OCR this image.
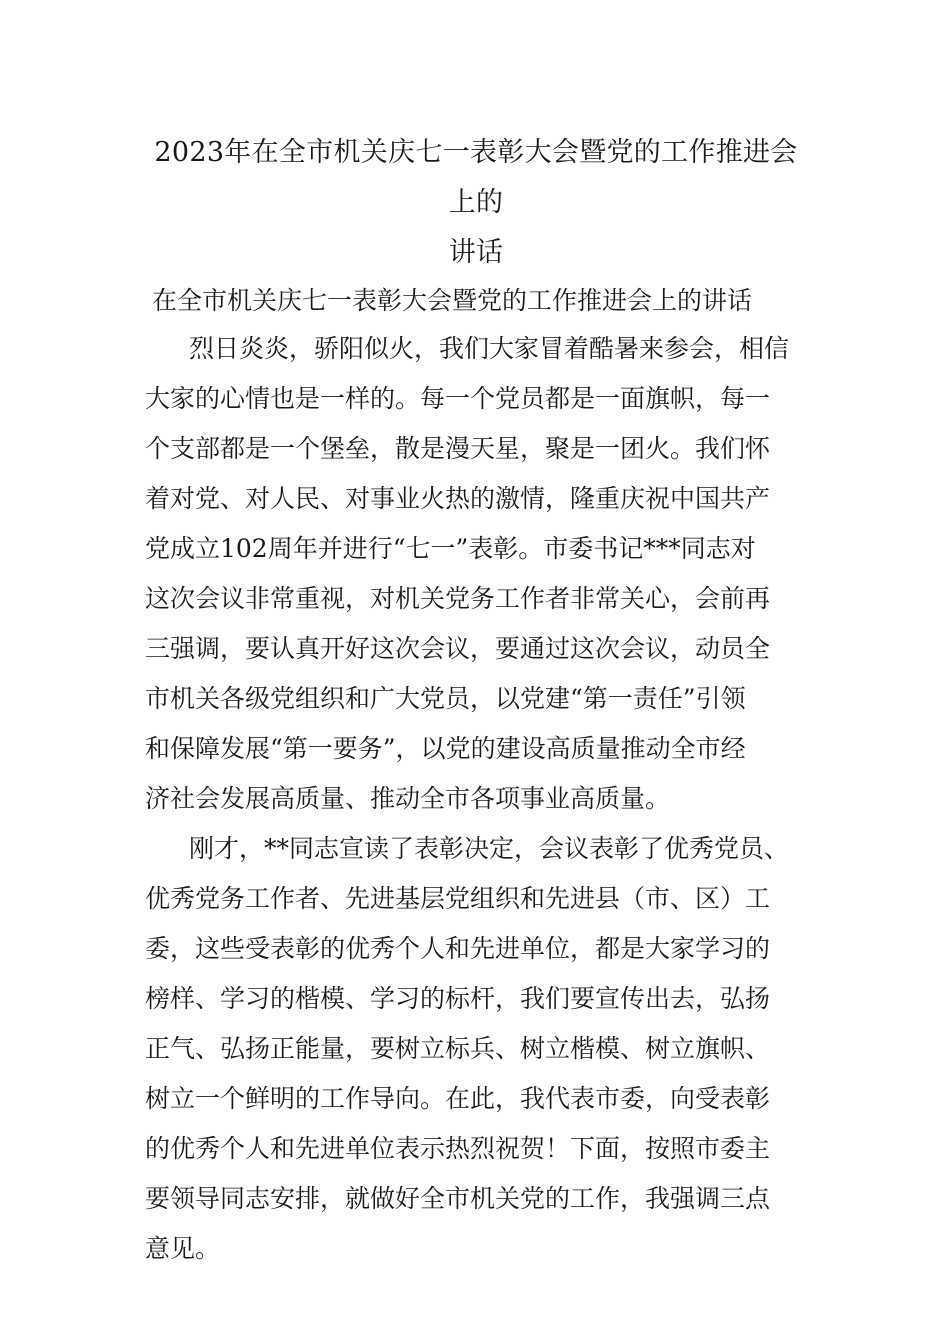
2023年在全市机关庆七一表彰大会暨党的工作推进会上的
讲话

在全市机关庆七一表彰大会暨党的工作推进会上的讲话

烈日炎炎，骄阳似火，我们大家冒着酷暑来参会，相信
大家的心情也是一样的。每一个党员都是一面旗帜，每一
个支部都是一个堡垒，散是漫天星，聚是一团火。我们怀
着对党、对人民、对事业火热的激情，隆重庆祝中国共产
党成立102周年并进行“七一”表彰。市委书记***同志对
这次会议非常重视，对机关党务工作者非常关心，会前再
三强调，要认真开好这次会议，要通过这次会议，动员全
市机关各级党组织和广大党员，以党建“第一责任”引领
和保障发展“第一要务”，以党的建设高质量推动全市经
济社会发展高质量、推动全市各项事业高质量。
刚才，**同志宣读了表彰决定，会议表彰了优秀党员、
优秀党务工作者、先进基层党组织和先进县（市、区）工
委，这些受表彰的优秀个人和先进单位，都是大家学习的
榜样、学习的楷模、学习的标杆，我们要宣传出去，弘扬
正气、弘扬正能量，要树立标兵、树立楷模、树立旗帜、
树立一个鲜明的工作导向。在此，我代表市委，向受表彰
的优秀个人和先进单位表示热烈祝贺！下面，按照市委主
要领导同志安排，就做好全市机关党的工作，我强调三点
意见。
